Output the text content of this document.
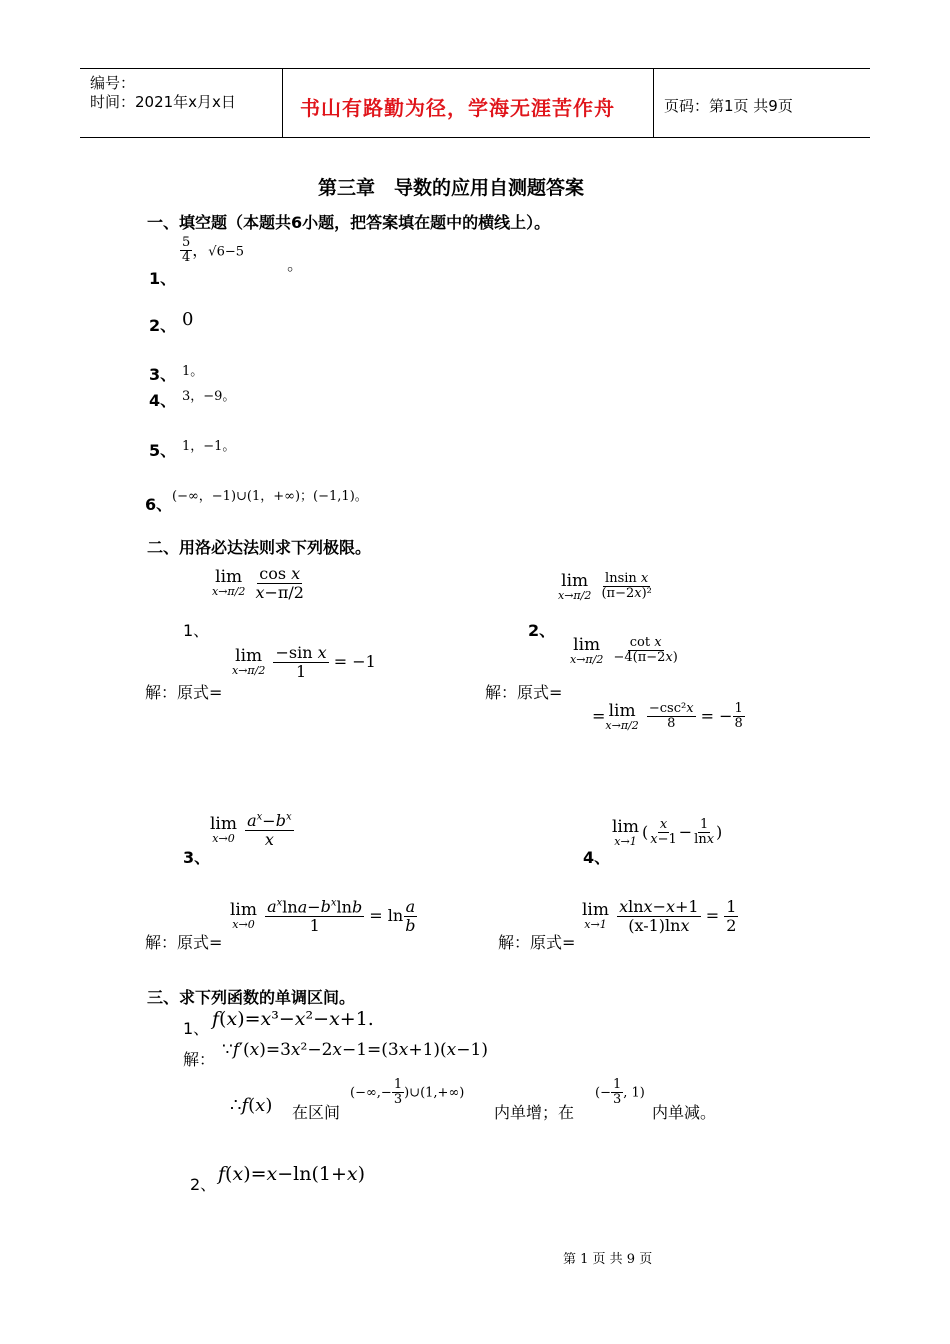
编号：
时间：2021年x月x日	书山有路勤为径，学海无涯苦作舟	页码：第1页 共9页
第三章　导数的应用自测题答案
一、填空题（本题共6小题，把答案填在题中的横线上）。
1、
$\frac{5}{4}$ ，√6−5 。
2、 0
3、 1。
4、 3，−9。
5、 1，−1。
6、 (−∞，−1)∪(1，+∞)；(−1,1)。
二、用洛必达法则求下列极限。
lim
x→π/2
$\frac{\text{cos x}}{x-\pi/2}$
1、
解：原式=
lim
x→π/2
$\frac{\text{−sin x}}{1} = -1$
lim
x→π/2
$\frac{\text{lnsin x}}{\text{(π−2x)²}}$
2、
解：原式=
lim
x→π/2
$\frac{\text{cot x}}{-4(\pi-2x)}$
= lim
x→π/2
$\frac{\text{−csc²x}}{8}$ = − $\frac{1}{8}$
lim
x→0
$\frac{a^x-b^x}{x}$
3、
解：原式=
lim
x→0
$\frac{a^x\ln a-b^x\ln b}{1} = \ln \frac{a}{b}$
lim
x→1 ( $\frac{x}{x-1} - \frac{1}{\ln x}$ )
4、
解：原式=
lim
x→1
$\frac{xlnx-x+1}{(x-1)\ln x} = \frac{1}{2}$
三、求下列函数的单调区间。
1、 f(x)=x³−x²−x+1.
解： ∵f′(x)=3x²−2x−1=(3x+1)(x−1)
∴f(x) 在区间
(−∞,− $\frac{1}{3}$ )∪(1,+∞)
内单增；在
(− $\frac{1}{3}$ , 1)
内单减。
2、 f(x)=x−ln(1+x)
第 1 页 共 9 页
